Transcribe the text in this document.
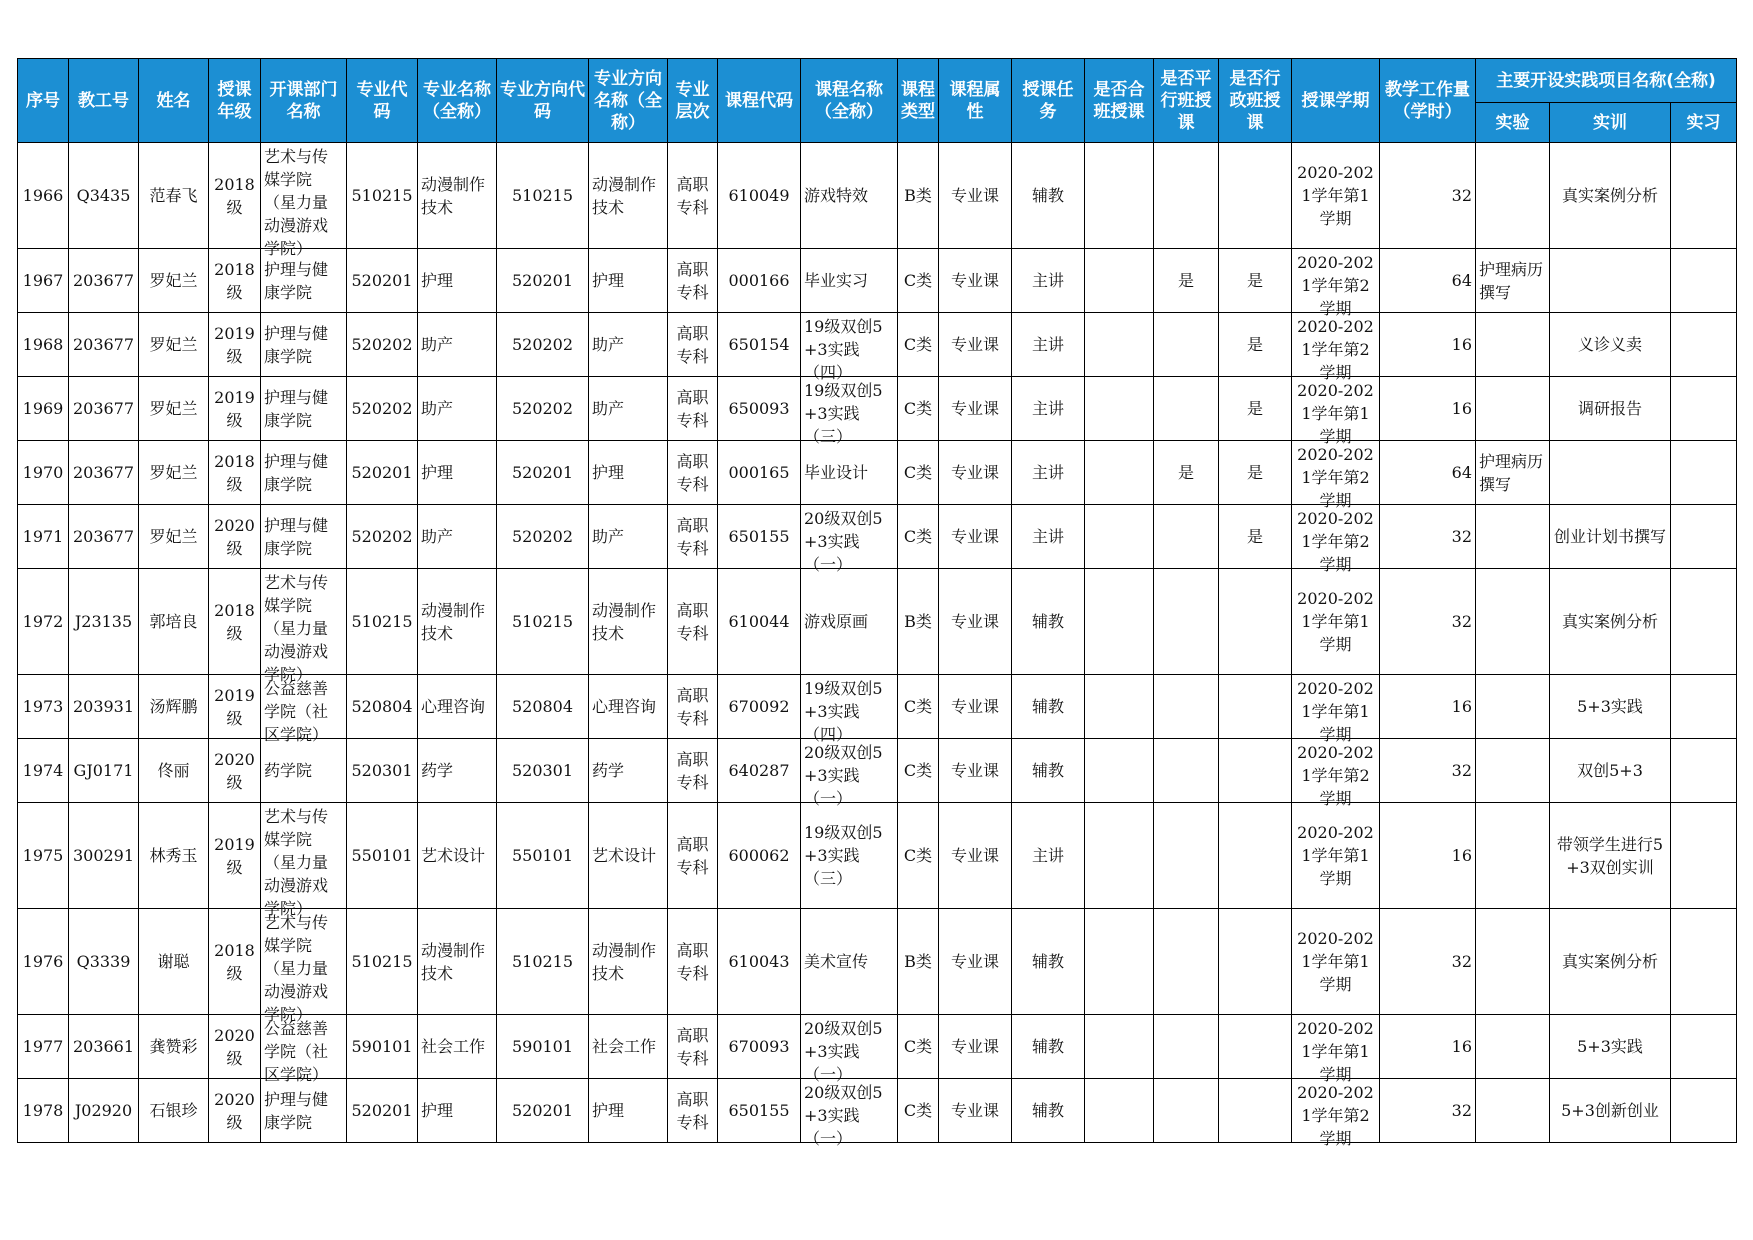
序号	教工号	姓名	授课年级	开课部门名称	专业代码	专业名称（全称）	专业方向代码	专业方向名称（全称）	专业层次	课程代码	课程名称（全称）	课程类型	课程属性	授课任务	是否合班授课	是否平行班授课	是否行政班授课	授课学期	教学工作量（学时）	主要开设实践项目名称(全称)		

																				实验	实训	实习

1966	Q3435	范春飞	2018级	艺术与传媒学院（星力量动漫游戏学院）	510215	动漫制作技术	510215	动漫制作技术	高职专科	610049	游戏特效	B类	专业课	辅教				2020-2021学年第1学期	32		真实案例分析	

1967	203677	罗妃兰	2018级	护理与健康学院	520201	护理	520201	护理	高职专科	000166	毕业实习	C类	专业课	主讲		是	是	2020-2021学年第2学期	64	护理病历撰写		

1968	203677	罗妃兰	2019级	护理与健康学院	520202	助产	520202	助产	高职专科	650154	19级双创5+3实践（四）	C类	专业课	主讲			是	2020-2021学年第2学期	16		义诊义卖	

1969	203677	罗妃兰	2019级	护理与健康学院	520202	助产	520202	助产	高职专科	650093	19级双创5+3实践（三）	C类	专业课	主讲			是	2020-2021学年第1学期	16		调研报告	

1970	203677	罗妃兰	2018级	护理与健康学院	520201	护理	520201	护理	高职专科	000165	毕业设计	C类	专业课	主讲		是	是	2020-2021学年第2学期	64	护理病历撰写		

1971	203677	罗妃兰	2020级	护理与健康学院	520202	助产	520202	助产	高职专科	650155	20级双创5+3实践（一）	C类	专业课	主讲			是	2020-2021学年第2学期	32		创业计划书撰写	

1972	J23135	郭培良	2018级	艺术与传媒学院（星力量动漫游戏学院）	510215	动漫制作技术	510215	动漫制作技术	高职专科	610044	游戏原画	B类	专业课	辅教				2020-2021学年第1学期	32		真实案例分析	

1973	203931	汤辉鹏	2019级	公益慈善学院（社区学院）	520804	心理咨询	520804	心理咨询	高职专科	670092	19级双创5+3实践（四）	C类	专业课	辅教				2020-2021学年第1学期	16		5+3实践	

1974	GJ0171	佟丽	2020级	药学院	520301	药学	520301	药学	高职专科	640287	20级双创5+3实践（一）	C类	专业课	辅教				2020-2021学年第2学期	32		双创5+3	

1975	300291	林秀玉	2019级	艺术与传媒学院（星力量动漫游戏学院）	550101	艺术设计	550101	艺术设计	高职专科	600062	19级双创5+3实践（三）	C类	专业课	主讲				2020-2021学年第1学期	16		带领学生进行5+3双创实训	

1976	Q3339	谢聪	2018级	艺术与传媒学院（星力量动漫游戏学院）	510215	动漫制作技术	510215	动漫制作技术	高职专科	610043	美术宣传	B类	专业课	辅教				2020-2021学年第1学期	32		真实案例分析	

1977	203661	龚赞彩	2020级	公益慈善学院（社区学院）	590101	社会工作	590101	社会工作	高职专科	670093	20级双创5+3实践（一）	C类	专业课	辅教				2020-2021学年第1学期	16		5+3实践	

1978	J02920	石银珍	2020级	护理与健康学院	520201	护理	520201	护理	高职专科	650155	20级双创5+3实践（一）	C类	专业课	辅教				2020-2021学年第2学期	32		5+3创新创业	
